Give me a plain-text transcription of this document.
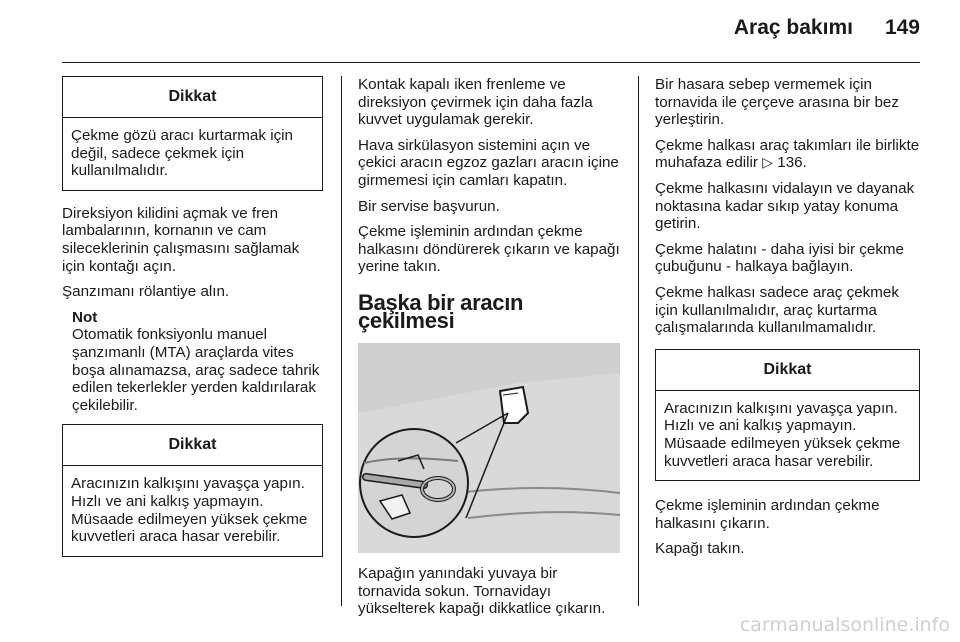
Araç bakımı 149
Dikkat
Çekme gözü aracı kurtarmak için değil, sadece çekmek için kullanılmalıdır.

Direksiyon kilidini açmak ve fren lambalarının, kornanın ve cam sileceklerinin çalışmasını sağlamak için kontağı açın.

Şanzımanı rölantiye alın.

Not
Otomatik fonksiyonlu manuel şanzımanlı (MTA) araçlarda vites boşa alınamazsa, araç sadece tahrik edilen tekerlekler yerden kaldırılarak çekilebilir.
Dikkat
Aracınızın kalkışını yavaşça yapın. Hızlı ve ani kalkış yapmayın. Müsaade edilmeyen yüksek çekme kuvvetleri araca hasar verebilir.

Kontak kapalı iken frenleme ve direksiyon çevirmek için daha fazla kuvvet uygulamak gerekir.

Hava sirkülasyon sistemini açın ve çekici aracın egzoz gazları aracın içine girmemesi için camları kapatın.

Bir servise başvurun.

Çekme işleminin ardından çekme halkasını döndürerek çıkarın ve kapağı yerine takın.

Başka bir aracın çekilmesi

Kapağın yanındaki yuvaya bir tornavida sokun. Tornavidayı yükselterek kapağı dikkatlice çıkarın.

Bir hasara sebep vermemek için tornavida ile çerçeve arasına bir bez yerleştirin.

Çekme halkası araç takımları ile birlikte muhafaza edilir ▷ 136.

Çekme halkasını vidalayın ve dayanak noktasına kadar sıkıp yatay konuma getirin.

Çekme halatını - daha iyisi bir çekme çubuğunu - halkaya bağlayın.

Çekme halkası sadece araç çekmek için kullanılmalıdır, araç kurtarma çalışmalarında kullanılmamalıdır.

Dikkat
Aracınızın kalkışını yavaşça yapın. Hızlı ve ani kalkış yapmayın. Müsaade edilmeyen yüksek çekme kuvvetleri araca hasar verebilir.

Çekme işleminin ardından çekme halkasını çıkarın.

Kapağı takın.

carmanualsonline.info
